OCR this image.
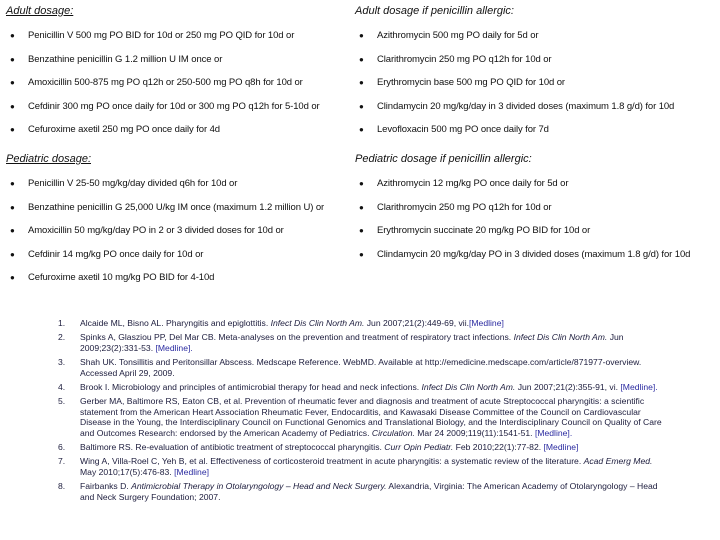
Adult dosage:
● Penicillin V 500 mg PO BID for 10d or 250 mg PO QID for 10d or
● Benzathine penicillin G 1.2 million U IM once or
● Amoxicillin 500-875 mg PO q12h or 250-500 mg PO q8h for 10d or
● Cefdinir 300 mg PO once daily for 10d or 300 mg PO q12h for 5-10d or
● Cefuroxime axetil 250 mg PO once daily for 4d
Adult dosage if penicillin allergic:
● Azithromycin 500 mg PO daily for 5d or
● Clarithromycin 250 mg PO q12h for 10d or
● Erythromycin base 500 mg PO QID for 10d or
● Clindamycin 20 mg/kg/day in 3 divided doses (maximum 1.8 g/d) for 10d
● Levofloxacin 500 mg PO once daily for 7d
Pediatric dosage:
● Penicillin V 25-50 mg/kg/day divided q6h for 10d or
● Benzathine penicillin G 25,000 U/kg IM once (maximum 1.2 million U) or
● Amoxicillin 50 mg/kg/day PO in 2 or 3 divided doses for 10d or
● Cefdinir 14 mg/kg PO once daily for 10d or
● Cefuroxime axetil 10 mg/kg PO BID for 4-10d
Pediatric dosage if penicillin allergic:
● Azithromycin 12 mg/kg PO once daily for 5d or
● Clarithromycin 250 mg PO q12h for 10d or
● Erythromycin succinate 20 mg/kg PO BID for 10d or
● Clindamycin 20 mg/kg/day PO in 3 divided doses (maximum 1.8 g/d) for 10d
1. Alcaide ML, Bisno AL. Pharyngitis and epiglottitis. Infect Dis Clin North Am. Jun 2007;21(2):449-69, vii.[Medline]
2. Spinks A, Glasziou PP, Del Mar CB. Meta-analyses on the prevention and treatment of respiratory tract infections. Infect Dis Clin North Am. Jun 2009;23(2):331-53. [Medline].
3. Shah UK. Tonsillitis and Peritonsillar Abscess. Medscape Reference. WebMD. Available at http://emedicine.medscape.com/article/871977-overview. Accessed April 29, 2009.
4. Brook I. Microbiology and principles of antimicrobial therapy for head and neck infections. Infect Dis Clin North Am. Jun 2007;21(2):355-91, vi. [Medline].
5. Gerber MA, Baltimore RS, Eaton CB, et al. Prevention of rheumatic fever and diagnosis and treatment of acute Streptococcal pharyngitis: a scientific statement from the American Heart Association Rheumatic Fever, Endocarditis, and Kawasaki Disease Committee of the Council on Cardiovascular Disease in the Young, the Interdisciplinary Council on Functional Genomics and Translational Biology, and the Interdisciplinary Council on Quality of Care and Outcomes Research: endorsed by the American Academy of Pediatrics. Circulation. Mar 24 2009;119(11):1541-51. [Medline].
6. Baltimore RS. Re-evaluation of antibiotic treatment of streptococcal pharyngitis. Curr Opin Pediatr. Feb 2010;22(1):77-82. [Medline]
7. Wing A, Villa-Roel C, Yeh B, et al. Effectiveness of corticosteroid treatment in acute pharyngitis: a systematic review of the literature. Acad Emerg Med. May 2010;17(5):476-83. [Medline]
8. Fairbanks D. Antimicrobial Therapy in Otolaryngology – Head and Neck Surgery. Alexandria, Virginia: The American Academy of Otolaryngology – Head and Neck Surgery Foundation; 2007.
